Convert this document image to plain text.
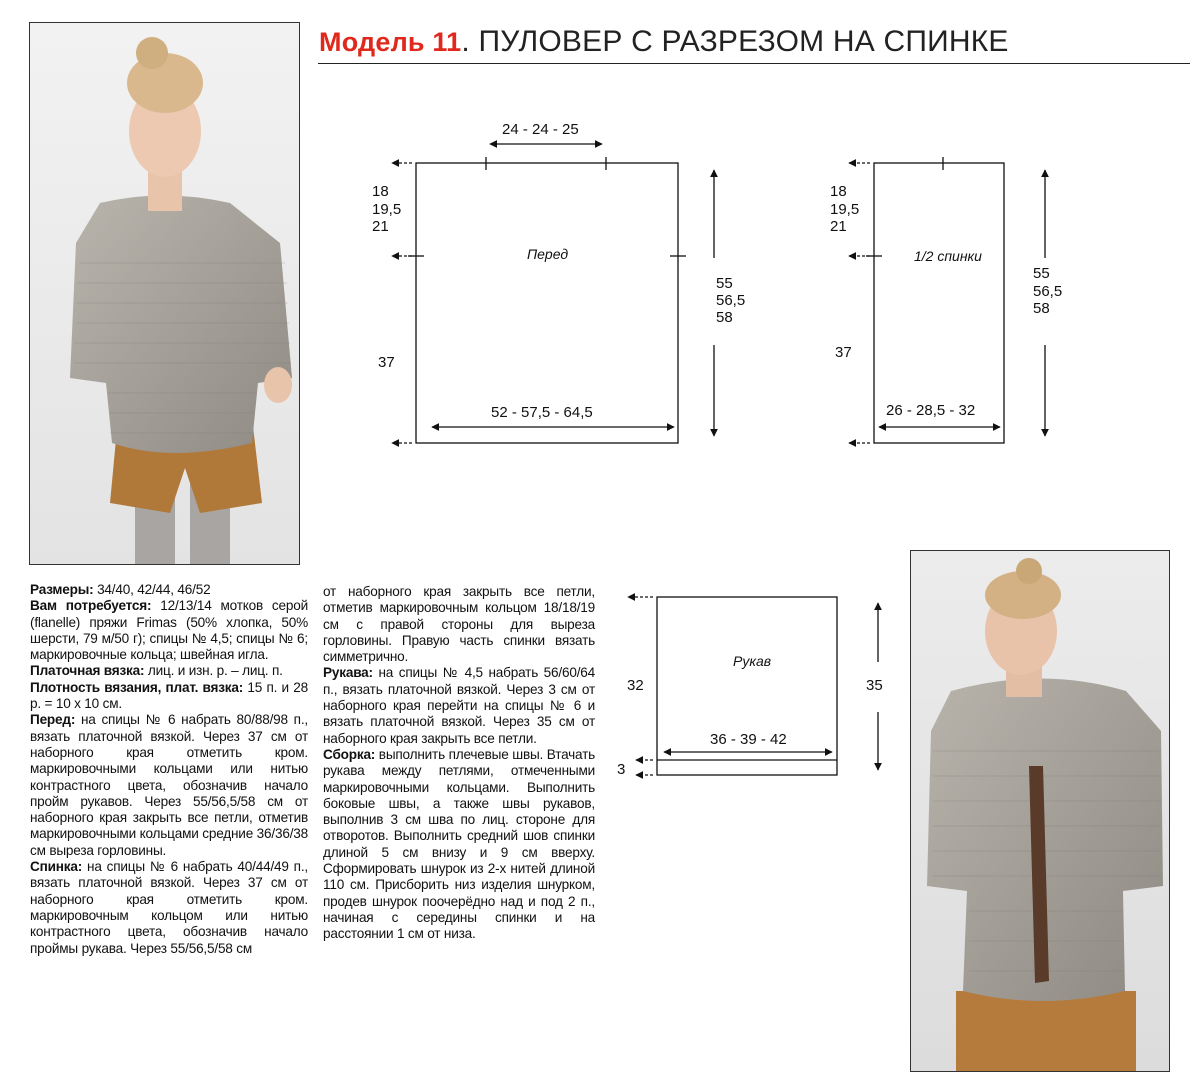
Модель 11. ПУЛОВЕР С РАЗРЕЗОМ НА СПИНКЕ
24 - 24 - 25
18
19,5
21
37
Перед
55
56,5
58
52 - 57,5 - 64,5
18
19,5
21
37
1/2 спинки
55
56,5
58
26 - 28,5 - 32
Рукав
32	35
36 - 39 - 42
3

Размеры: 34/40, 42/44, 46/52

Вам потребуется: 12/13/14 мотков серой (flanelle) пряжи Frimas (50% хлопка, 50% шерсти, 79 м/50 г); спицы № 4,5; спицы № 6; маркировочные кольца; швейная игла.

Платочная вязка: лиц. и изн. р. – лиц. п.

Плотность вязания, плат. вязка: 15 п. и 28 р. = 10 х 10 см.

Перед: на спицы № 6 набрать 80/88/98 п., вязать платочной вязкой. Через 37 см от наборного края отметить кром. маркировочными кольцами или нитью контрастного цвета, обозначив начало пройм рукавов. Через 55/56,5/58 см от наборного края закрыть все петли, отметив маркировочными кольцами средние 36/36/38 см выреза горловины.

Спинка: на спицы № 6 набрать 40/44/49 п., вязать платочной вязкой. Через 37 см от наборного края отметить кром. маркировочным кольцом или нитью контрастного цвета, обозначив начало проймы рукава. Через 55/56,5/58 см

от наборного края закрыть все петли, отметив маркировочным кольцом 18/18/19 см с правой стороны для выреза горловины. Правую часть спинки вязать симметрично.

Рукава: на спицы № 4,5 набрать 56/60/64 п., вязать платочной вязкой. Через 3 см от наборного края перейти на спицы № 6 и вязать платочной вязкой. Через 35 см от наборного края закрыть все петли.

Сборка: выполнить плечевые швы. Втачать рукава между петлями, отмеченными маркировочными кольцами. Выполнить боковые швы, а также швы рукавов, выполнив 3 см шва по лиц. стороне для отворотов. Выполнить средний шов спинки длиной 5 см внизу и 9 см вверху. Сформировать шнурок из 2-х нитей длиной 110 см. Присборить низ изделия шнурком, продев шнурок поочерёдно над и под 2 п., начиная с середины спинки и на расстоянии 1 см от низа.
